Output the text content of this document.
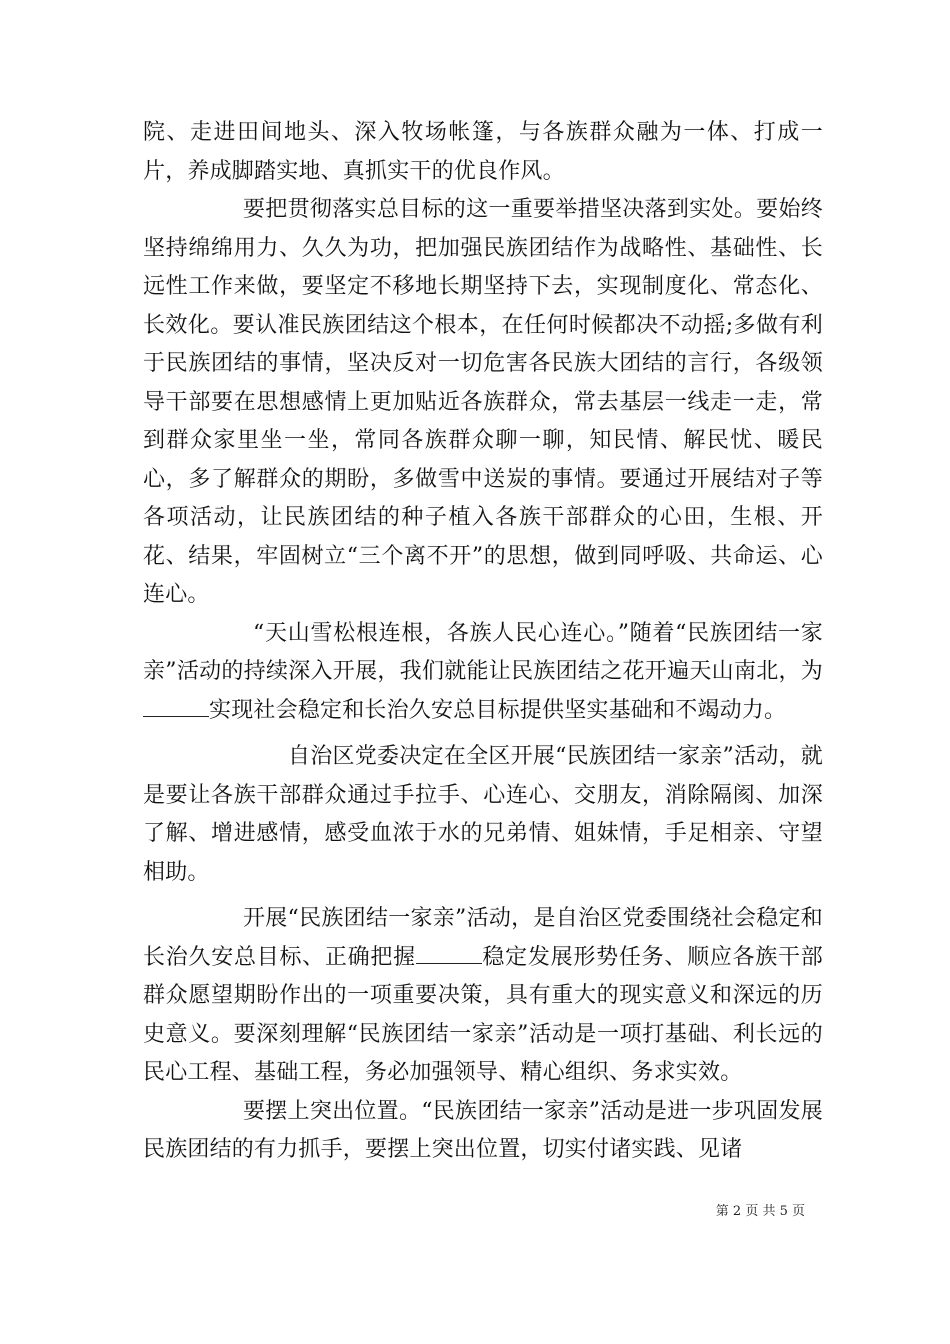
院、走进田间地头、深入牧场帐篷，与各族群众融为一体、打成一片，养成脚踏实地、真抓实干的优良作风。

要把贯彻落实总目标的这一重要举措坚决落到实处。要始终坚持绵绵用力、久久为功，把加强民族团结作为战略性、基础性、长远性工作来做，要坚定不移地长期坚持下去，实现制度化、常态化、长效化。要认准民族团结这个根本，在任何时候都决不动摇;多做有利于民族团结的事情，坚决反对一切危害各民族大团结的言行，各级领导干部要在思想感情上更加贴近各族群众，常去基层一线走一走，常到群众家里坐一坐，常同各族群众聊一聊，知民情、解民忧、暖民心，多了解群众的期盼，多做雪中送炭的事情。要通过开展结对子等各项活动，让民族团结的种子植入各族干部群众的心田，生根、开花、结果，牢固树立“三个离不开”的思想，做到同呼吸、共命运、心连心。

“天山雪松根连根，各族人民心连心。”随着“民族团结一家亲”活动的持续深入开展，我们就能让民族团结之花开遍天山南北，为实现社会稳定和长治久安总目标提供坚实基础和不竭动力。

自治区党委决定在全区开展“民族团结一家亲”活动，就是要让各族干部群众通过手拉手、心连心、交朋友，消除隔阂、加深了解、增进感情，感受血浓于水的兄弟情、姐妹情，手足相亲、守望相助。

开展“民族团结一家亲”活动，是自治区党委围绕社会稳定和长治久安总目标、正确把握	稳定发展形势任务、顺应各族干部群众愿望期盼作出的一项重要决策，具有重大的现实意义和深远的历史意义。要深刻理解“民族团结一家亲”活动是一项打基础、利长远的民心工程、基础工程，务必加强领导、精心组织、务求实效。

要摆上突出位置。“民族团结一家亲”活动是进一步巩固发展民族团结的有力抓手，要摆上突出位置，切实付诸实践、见诸

第 2 页 共 5 页
